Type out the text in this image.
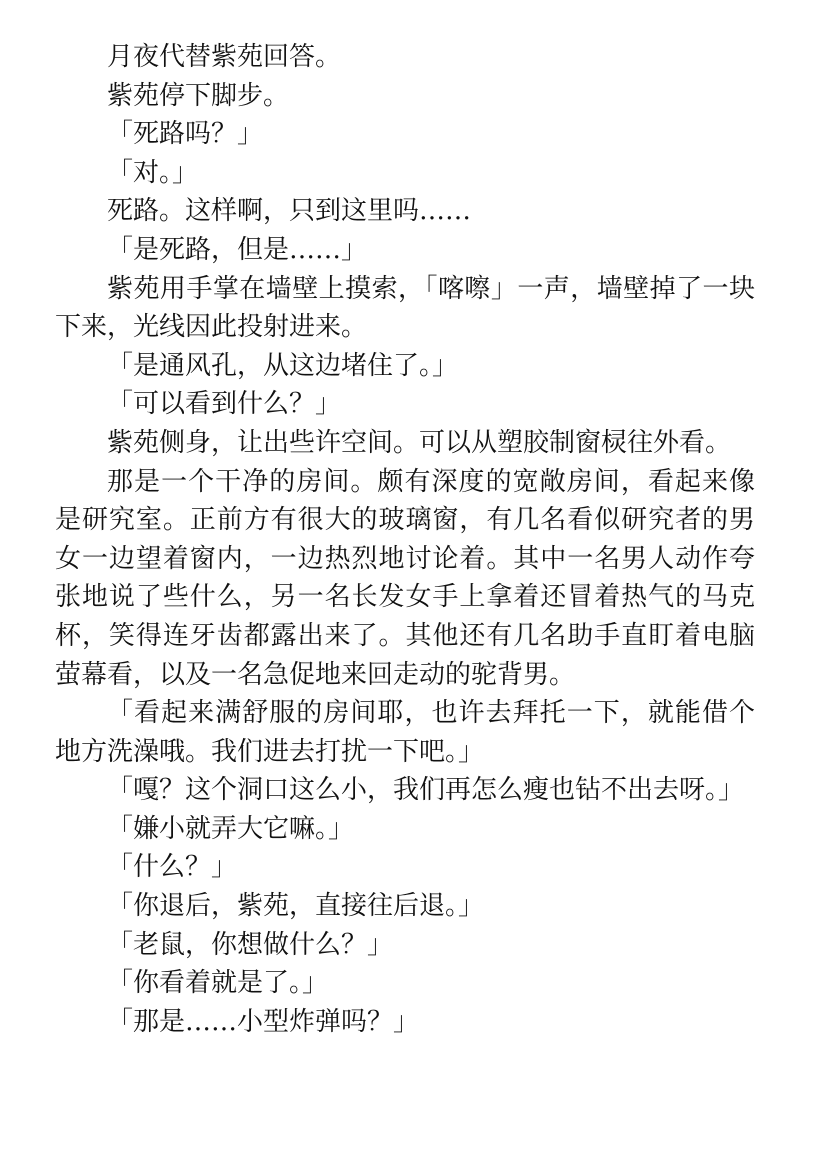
月夜代替紫苑回答。

紫苑停下脚步。

「死路吗？」

「对。」

死路。这样啊，只到这里吗……

「是死路，但是……」

紫苑用手掌在墙壁上摸索，「喀嚓」一声，墙壁掉了一块下来，光线因此投射进来。

「是通风孔，从这边堵住了。」

「可以看到什么？」

紫苑侧身，让出些许空间。可以从塑胶制窗棂往外看。

那是一个干净的房间。颇有深度的宽敞房间，看起来像是研究室。正前方有很大的玻璃窗，有几名看似研究者的男女一边望着窗内，一边热烈地讨论着。其中一名男人动作夸张地说了些什么，另一名长发女手上拿着还冒着热气的马克杯，笑得连牙齿都露出来了。其他还有几名助手直盯着电脑萤幕看，以及一名急促地来回走动的驼背男。

「看起来满舒服的房间耶，也许去拜托一下，就能借个地方洗澡哦。我们进去打扰一下吧。」

「嘎？这个洞口这么小，我们再怎么瘦也钻不出去呀。」

「嫌小就弄大它嘛。」

「什么？」

「你退后，紫苑，直接往后退。」

「老鼠，你想做什么？」

「你看着就是了。」

「那是……小型炸弹吗？」
